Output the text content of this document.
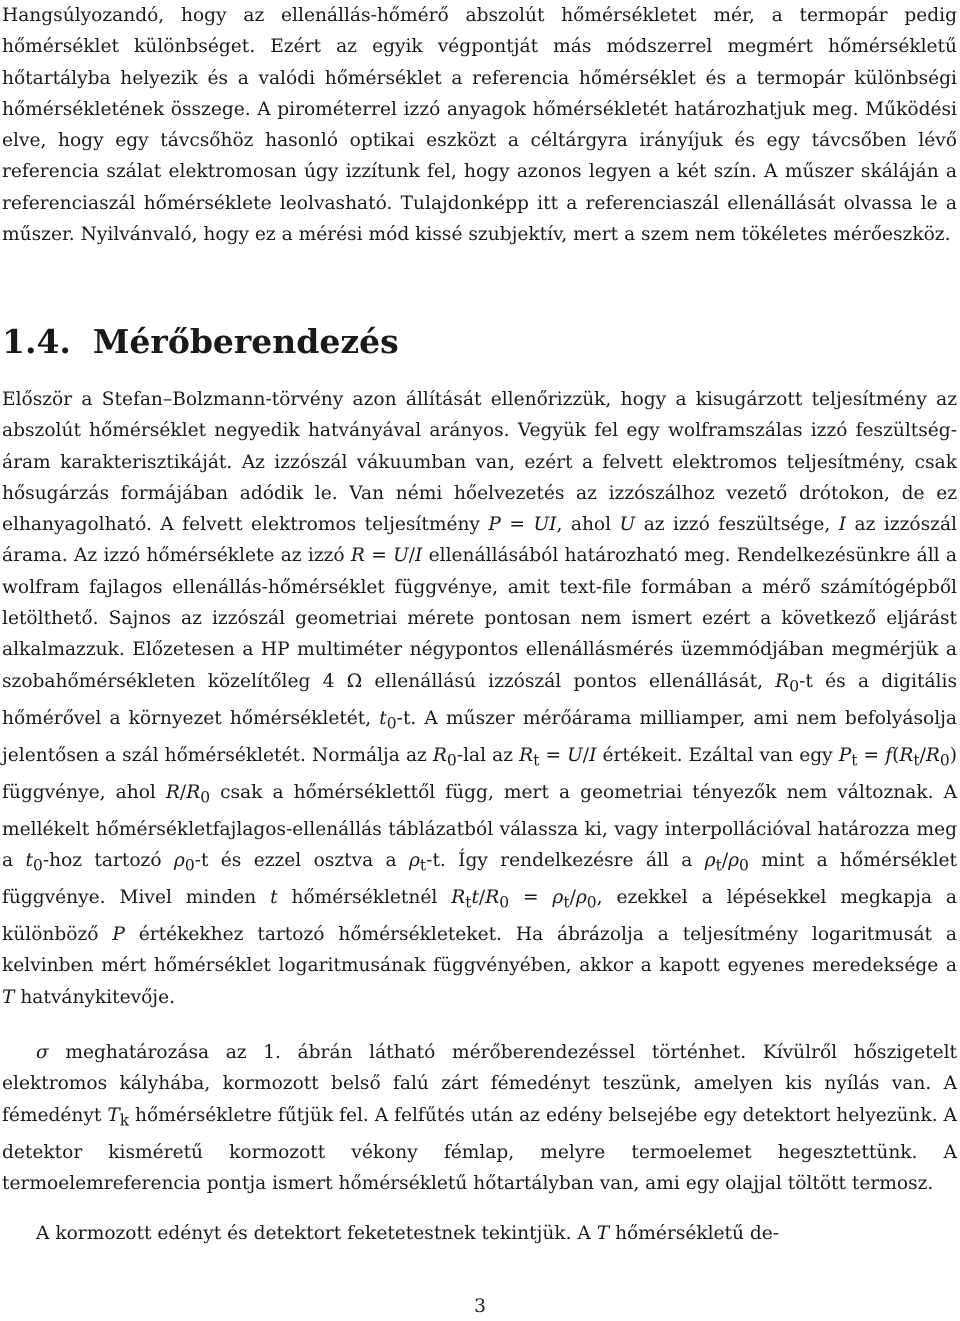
Hangsúlyozandó, hogy az ellenállás-hőmérő abszolút hőmérsékletet mér, a termopár pedig hőmérséklet különbséget. Ezért az egyik végpontját más módszerrel megmért hőmérsékletű hőtartályba helyezik és a valódi hőmérséklet a referencia hőmérséklet és a termopár különbségi hőmérsékletének összege. A pirométerrel izzó anyagok hőmérsékletét határozhatjuk meg. Működési elve, hogy egy távcsőhöz hasonló optikai eszközt a céltárgyra irányíjuk és egy távcsőben lévő referencia szálat elektromosan úgy izzítunk fel, hogy azonos legyen a két szín. A műszer skáláján a referenciaszál hőmérséklete leolvasható. Tulajdonképp itt a referenciaszál ellenállását olvassa le a műszer. Nyilvánvaló, hogy ez a mérési mód kissé szubjektív, mert a szem nem tökéletes mérőeszköz.

1.4. Mérőberendezés

Először a Stefan–Bolzmann-törvény azon állítását ellenőrizzük, hogy a kisugárzott teljesítmény az abszolút hőmérséklet negyedik hatványával arányos. Vegyük fel egy wolframszálas izzó feszültség-áram karakterisztikáját. Az izzószál vákuumban van, ezért a felvett elektromos teljesítmény, csak hősugárzás formájában adódik le. Van némi hőelvezetés az izzószálhoz vezető drótokon, de ez elhanyagolható. A felvett elektromos teljesítmény P = UI, ahol U az izzó feszültsége, I az izzószál árama. Az izzó hőmérséklete az izzó R = U/I ellenállásából határozható meg. Rendelkezésünkre áll a wolfram fajlagos ellenállás-hőmérséklet függvénye, amit text-file formában a mérő számítógépből letölthető. Sajnos az izzószál geometriai mérete pontosan nem ismert ezért a következő eljárást alkalmazzuk. Előzetesen a HP multiméter négypontos ellenállásmérés üzemmódjában megmérjük a szobahőmérsékleten közelítőleg 4 Ω ellenállású izzószál pontos ellenállását, $R_0-t$ és a digitális hőmérővel a környezet hőmérsékletét, $t_0-t$. A műszer mérőárama milliamper, ami nem befolyásolja jelentősen a szál hőmérsékletét. Normálja az $R_0$-lal az $R_t = U/I$ értékeit. Ezáltal van egy $P_t = f(R_t/R_0)$ függvénye, ahol $R/R_0$ csak a hőmérséklettől függ, mert a geometriai tényezők nem változnak. A mellékelt hőmérsékletfajlagos-ellenállás táblázatból válassza ki, vagy interpollációval határozza meg a $t_0$-hoz tartozó $\rho_0-t$ és ezzel osztva a $\rho_t-t$. Így rendelkezésre áll a $\rho_t/\rho_0$ mint a hőmérséklet függvénye. Mivel minden t hőmérsékletnél $R_tt/R_0 = \rho_t/\rho_0$, ezekkel a lépésekkel megkapja a különböző P értékekhez tartozó hőmérsékleteket. Ha ábrázolja a teljesítmény logaritmusát a kelvinben mért hőmérséklet logaritmusának függvényében, akkor a kapott egyenes meredeksége a T hatványkitevője.

σ meghatározása az 1. ábrán látható mérőberendezéssel történhet. Kívülről hőszigetelt elektromos kályhába, kormozott belső falú zárt fémedényt teszünk, amelyen kis nyílás van. A fémedényt $T_k$ hőmérsékletre fűtjük fel. A felfűtés után az edény belsejébe egy detektort helyezünk. A detektor kisméretű kormozott vékony fémlap, melyre termoelemet hegesztettünk. A termoelemreferencia pontja ismert hőmérsékletű hőtartályban van, ami egy olajjal töltött termosz.

A kormozott edényt és detektort feketetestnek tekintjük. A T hőmérsékletű de-

3
